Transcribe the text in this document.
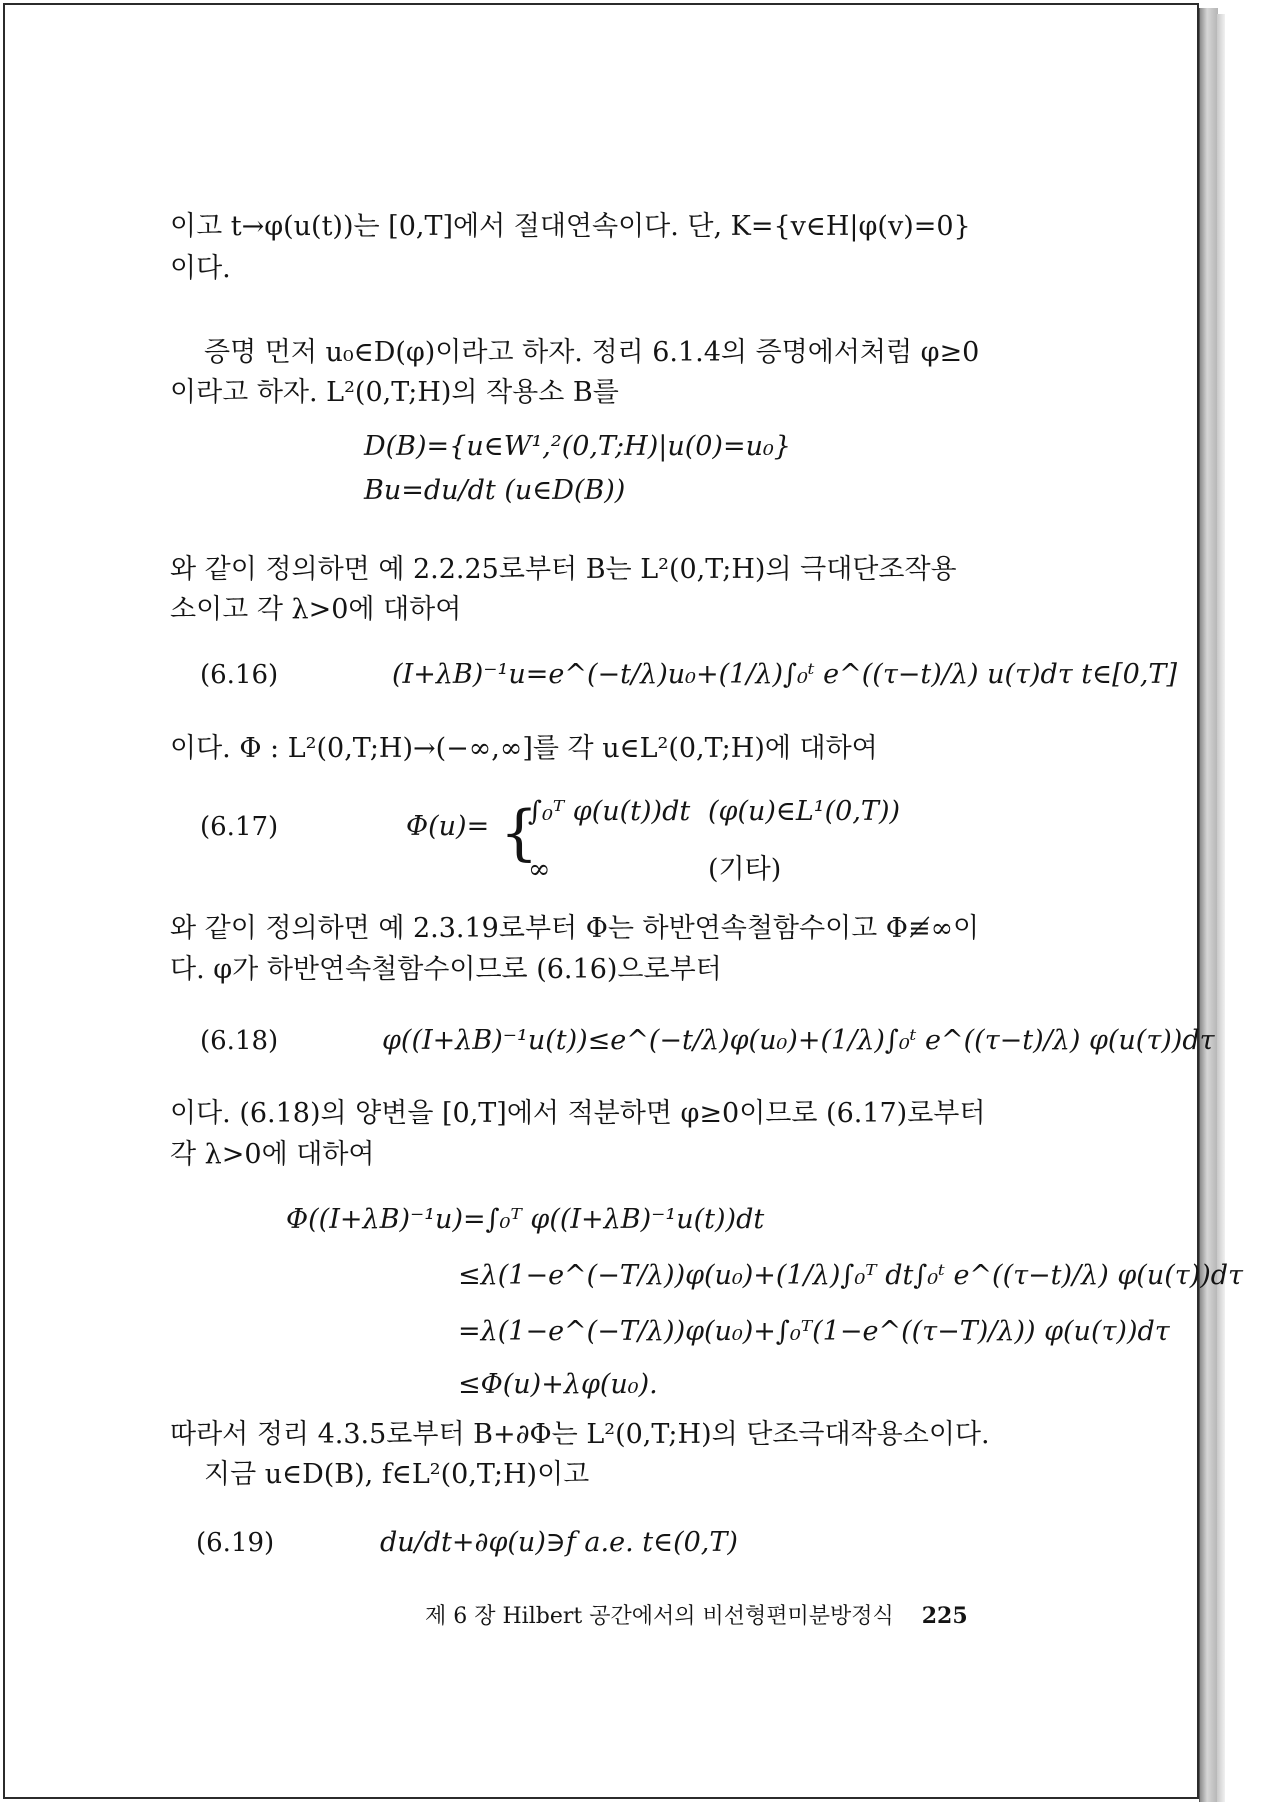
이고 t→φ(u(t))는 [0,T]에서 절대연속이다. 단, K={v∈H|φ(v)=0}
이다.
증명 먼저 u₀∈D(φ)이라고 하자. 정리 6.1.4의 증명에서처럼 φ≥0
이라고 하자. L²(0,T;H)의 작용소 B를
D(B)={u∈W¹,²(0,T;H)|u(0)=u₀}
Bu=du/dt (u∈D(B))
와 같이 정의하면 예 2.2.25로부터 B는 L²(0,T;H)의 극대단조작용
소이고 각 λ>0에 대하여
(6.16)	(I+λB)⁻¹u=e^(−t/λ)u₀+(1/λ)∫₀ᵗ e^((τ−t)/λ) u(τ)dτ t∈[0,T]
이다. Φ : L²(0,T;H)→(−∞,∞]를 각 u∈L²(0,T;H)에 대하여
(6.17)	Φ(u)= {
∫₀ᵀ φ(u(t))dt (φ(u)∈L¹(0,T))
∞	(기타)
와 같이 정의하면 예 2.3.19로부터 Φ는 하반연속철함수이고 Φ≢∞이
다. φ가 하반연속철함수이므로 (6.16)으로부터
(6.18)	φ((I+λB)⁻¹u(t))≤e^(−t/λ)φ(u₀)+(1/λ)∫₀ᵗ e^((τ−t)/λ) φ(u(τ))dτ
이다. (6.18)의 양변을 [0,T]에서 적분하면 φ≥0이므로 (6.17)로부터
각 λ>0에 대하여
Φ((I+λB)⁻¹u)=∫₀ᵀ φ((I+λB)⁻¹u(t))dt
≤λ(1−e^(−T/λ))φ(u₀)+(1/λ)∫₀ᵀ dt∫₀ᵗ e^((τ−t)/λ) φ(u(τ))dτ
=λ(1−e^(−T/λ))φ(u₀)+∫₀ᵀ(1−e^((τ−T)/λ)) φ(u(τ))dτ
≤Φ(u)+λφ(u₀).
따라서 정리 4.3.5로부터 B+∂Φ는 L²(0,T;H)의 단조극대작용소이다.
지금 u∈D(B), f∈L²(0,T;H)이고
(6.19)	du/dt+∂φ(u)∋f a.e. t∈(0,T)
제 6 장 Hilbert 공간에서의 비선형편미분방정식 225
